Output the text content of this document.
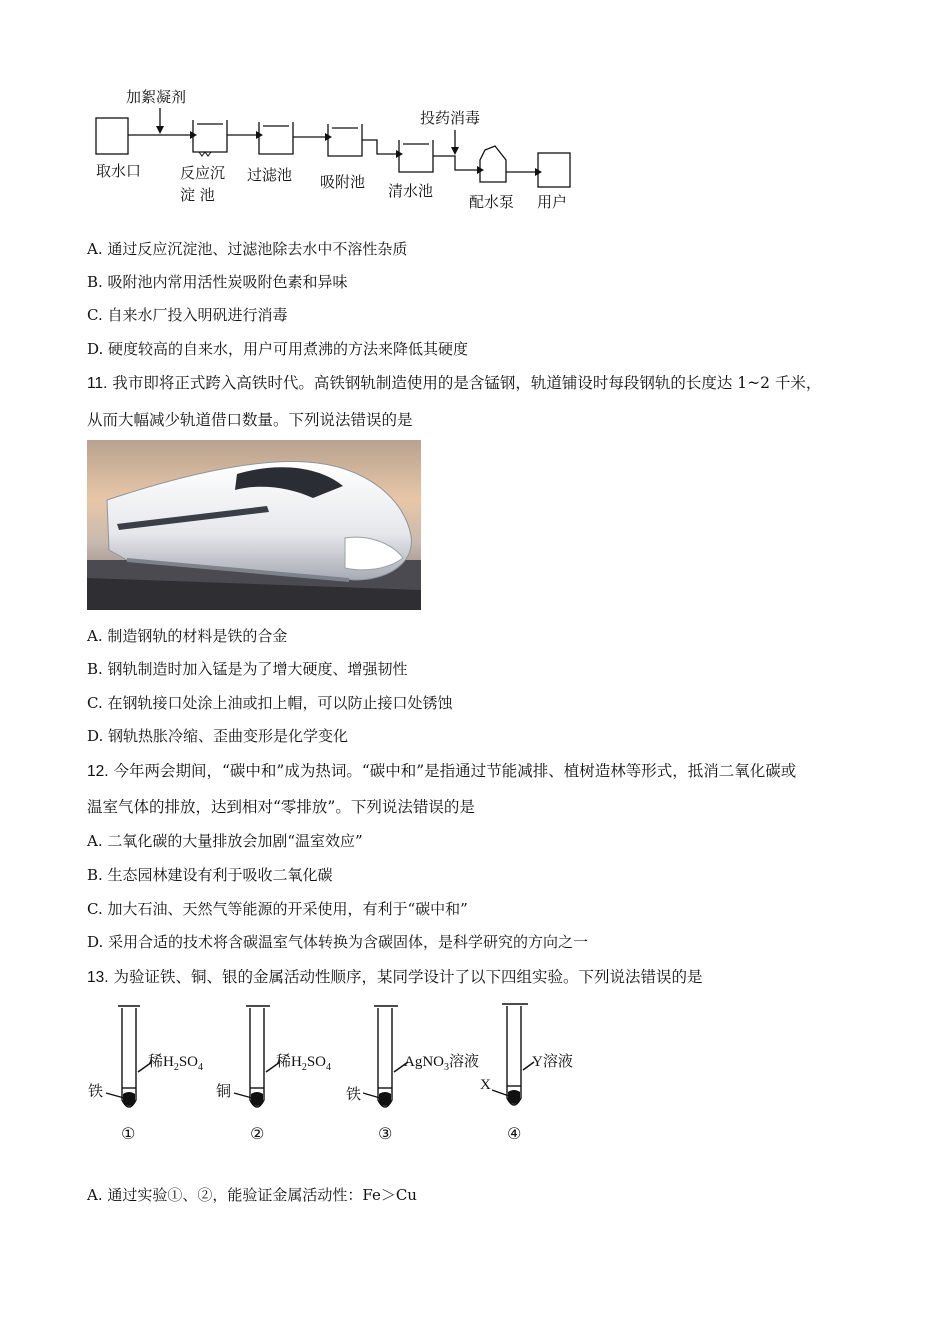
加絮凝剂
投药消毒
取水口	反应沉
淀 池
过滤池 吸附池 清水池
配水泵 用户
A. 通过反应沉淀池、过滤池除去水中不溶性杂质
B. 吸附池内常用活性炭吸附色素和异味
C. 自来水厂投入明矾进行消毒
D. 硬度较高的自来水，用户可用煮沸的方法来降低其硬度
11. 我市即将正式跨入高铁时代。高铁钢轨制造使用的是含锰钢，轨道铺设时每段钢轨的长度达 1~2 千米，
从而大幅减少轨道借口数量。下列说法错误的是
A. 制造钢轨的材料是铁的合金
B. 钢轨制造时加入锰是为了增大硬度、增强韧性
C. 在钢轨接口处涂上油或扣上帽，可以防止接口处锈蚀
D. 钢轨热胀冷缩、歪曲变形是化学变化
12. 今年两会期间，“碳中和”成为热词。“碳中和”是指通过节能减排、植树造林等形式，抵消二氧化碳或
温室气体的排放，达到相对“零排放”。下列说法错误的是
A. 二氧化碳的大量排放会加剧“温室效应”
B. 生态园林建设有利于吸收二氧化碳
C. 加大石油、天然气等能源的开采使用，有利于“碳中和”
D. 采用合适的技术将含碳温室气体转换为含碳固体，是科学研究的方向之一
13. 为验证铁、铜、银的金属活动性顺序，某同学设计了以下四组实验。下列说法错误的是
稀$H_2SO_4$
铁
①
稀$H_2SO_4$
铜
②
AgNO$_3$溶液
铁
③
Y溶液
X
④
A. 通过实验①、②，能验证金属活动性：Fe＞Cu
